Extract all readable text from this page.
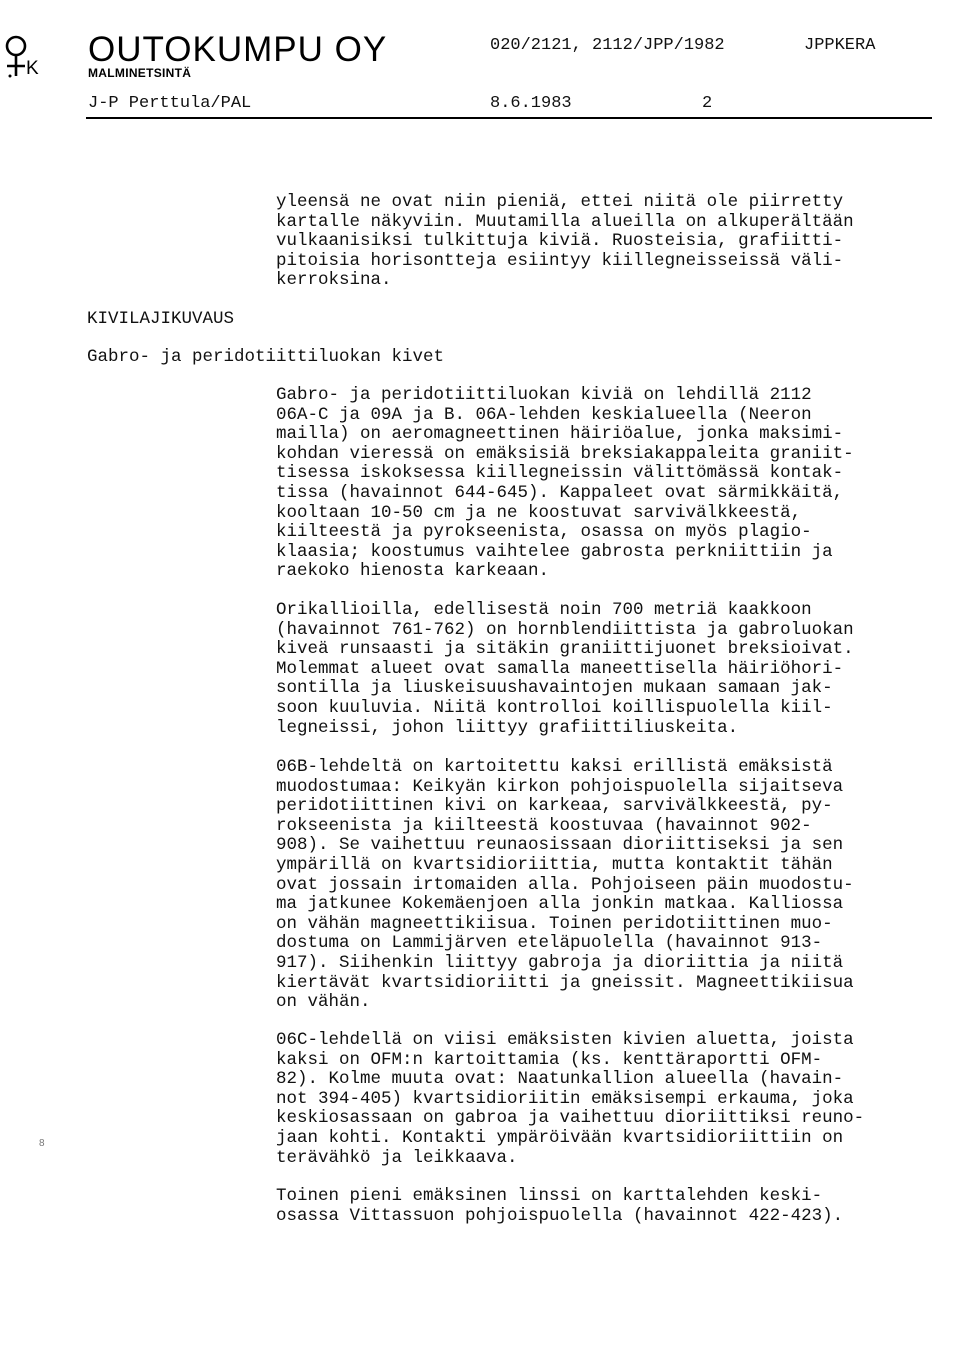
K OUTOKUMPU OY
MALMINETSINTÄ
020/2121, 2112/JPP/1982	JPPKERA
J-P Perttula/PAL	8.6.1983	2
yleensä ne ovat niin pieniä, ettei niitä ole piirretty
kartalle näkyviin. Muutamilla alueilla on alkuperältään
vulkaanisiksi tulkittuja kiviä. Ruosteisia, grafiitti-
pitoisia horisontteja esiintyy kiillegneisseissä väli-
kerroksina.
KIVILAJIKUVAUS
Gabro- ja peridotiittiluokan kivet
Gabro- ja peridotiittiluokan kiviä on lehdillä 2112
06A-C ja 09A ja B. 06A-lehden keskialueella (Neeron
mailla) on aeromagneettinen häiriöalue, jonka maksimi-
kohdan vieressä on emäksisiä breksiakappaleita graniit-
tisessa iskoksessa kiillegneissin välittömässä kontak-
tissa (havainnot 644-645). Kappaleet ovat särmikkäitä,
kooltaan 10-50 cm ja ne koostuvat sarvivälkkeestä,
kiilteestä ja pyrokseenista, osassa on myös plagio-
klaasia; koostumus vaihtelee gabrosta perkniittiin ja
raekoko hienosta karkeaan.
Orikallioilla, edellisestä noin 700 metriä kaakkoon
(havainnot 761-762) on hornblendiittista ja gabroluokan
kiveä runsaasti ja sitäkin graniittijuonet breksioivat.
Molemmat alueet ovat samalla maneettisella häiriöhori-
sontilla ja liuskeisuushavaintojen mukaan samaan jak-
soon kuuluvia. Niitä kontrolloi koillispuolella kiil-
legneissi, johon liittyy grafiittiliuskeita.
06B-lehdeltä on kartoitettu kaksi erillistä emäksistä
muodostumaa: Keikyän kirkon pohjoispuolella sijaitseva
peridotiittinen kivi on karkeaa, sarvivälkkeestä, py-
rokseenista ja kiilteestä koostuvaa (havainnot 902-
908). Se vaihettuu reunaosissaan dioriittiseksi ja sen
ympärillä on kvartsidioriittia, mutta kontaktit tähän
ovat jossain irtomaiden alla. Pohjoiseen päin muodostu-
ma jatkunee Kokemäenjoen alla jonkin matkaa. Kalliossa
on vähän magneettikiisua. Toinen peridotiittinen muo-
dostuma on Lammijärven eteläpuolella (havainnot 913-
917). Siihenkin liittyy gabroja ja dioriittia ja niitä
kiertävät kvartsidioriitti ja gneissit. Magneettikiisua
on vähän.
06C-lehdellä on viisi emäksisten kivien aluetta, joista
kaksi on OFM:n kartoittamia (ks. kenttäraportti OFM-
82). Kolme muuta ovat: Naatunkallion alueella (havain-
not 394-405) kvartsidioriitin emäksisempi erkauma, joka
keskiosassaan on gabroa ja vaihettuu dioriittiksi reuno-
jaan kohti. Kontakti ympäröivään kvartsidioriittiin on
terävähkö ja leikkaava.
Toinen pieni emäksinen linssi on karttalehden keski-
osassa Vittassuon pohjoispuolella (havainnot 422-423).
8
